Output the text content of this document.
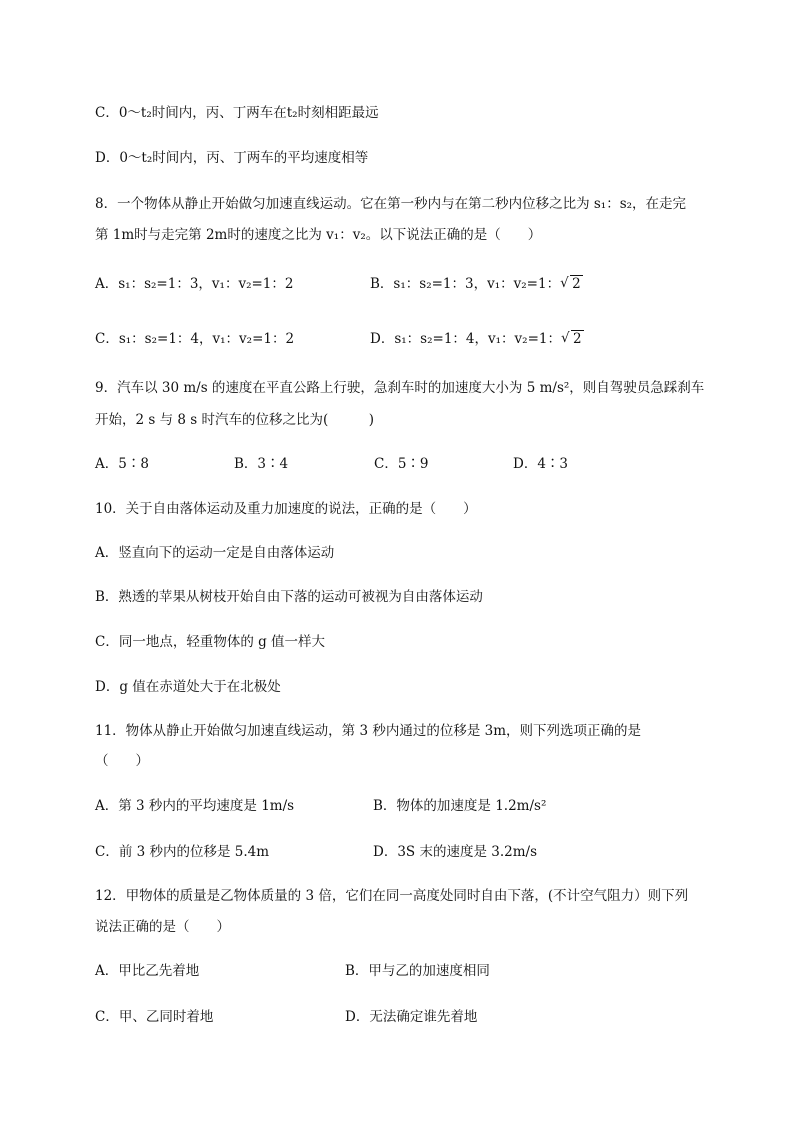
C．0～t₂时间内，丙、丁两车在t₂时刻相距最远
D．0～t₂时间内，丙、丁两车的平均速度相等
8．一个物体从静止开始做匀加速直线运动。它在第一秒内与在第二秒内位移之比为 s₁：s₂，在走完
第 1m时与走完第 2m时的速度之比为 v₁：v₂。以下说法正确的是（　　）
A．s₁：s₂=1：3，v₁：v₂=1：2	B．s₁：s₂=1：3，v₁：v₂=1： √ 2
C．s₁：s₂=1：4，v₁：v₂=1：2	D．s₁：s₂=1：4，v₁：v₂=1： √ 2
9．汽车以 30 m/s 的速度在平直公路上行驶，急刹车时的加速度大小为 5 m/s²，则自驾驶员急踩刹车
开始，2 s 与 8 s 时汽车的位移之比为(　　　)
A．5∶8	B．3∶4	C．5∶9	D．4∶3
10．关于自由落体运动及重力加速度的说法，正确的是（　　）
A．竖直向下的运动一定是自由落体运动
B．熟透的苹果从树枝开始自由下落的运动可被视为自由落体运动
C．同一地点，轻重物体的 g 值一样大
D．g 值在赤道处大于在北极处
11．物体从静止开始做匀加速直线运动，第 3 秒内通过的位移是 3m，则下列选项正确的是
（　　）
A．第 3 秒内的平均速度是 1m/s	B．物体的加速度是 1.2m/s²
C．前 3 秒内的位移是 5.4m	D．3S 末的速度是 3.2m/s
12．甲物体的质量是乙物体质量的 3 倍，它们在同一高度处同时自由下落，(不计空气阻力）则下列
说法正确的是（　　）
A．甲比乙先着地	B．甲与乙的加速度相同
C．甲、乙同时着地	D．无法确定谁先着地
